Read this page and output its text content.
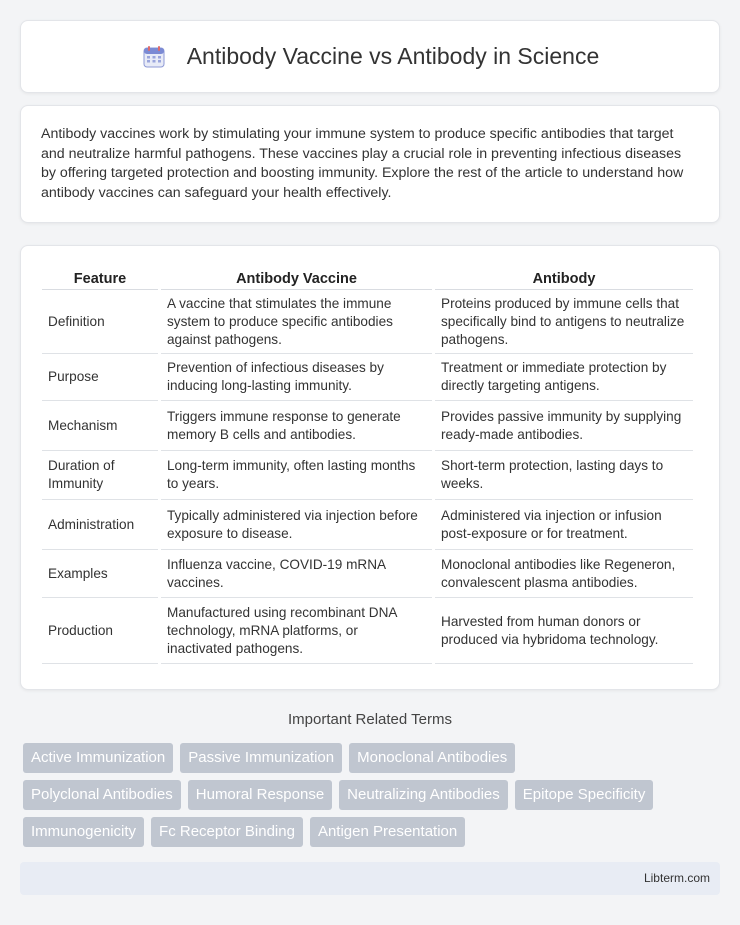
Antibody Vaccine vs Antibody in Science

Antibody vaccines work by stimulating your immune system to produce specific antibodies that target and neutralize harmful pathogens. These vaccines play a crucial role in preventing infectious diseases by offering targeted protection and boosting immunity. Explore the rest of the article to understand how antibody vaccines can safeguard your health effectively.

Feature	Antibody Vaccine	Antibody
Definition	A vaccine that stimulates the immune system to produce specific antibodies against pathogens.	Proteins produced by immune cells that specifically bind to antigens to neutralize pathogens.
Purpose	Prevention of infectious diseases by inducing long-lasting immunity.	Treatment or immediate protection by directly targeting antigens.
Mechanism	Triggers immune response to generate memory B cells and antibodies.	Provides passive immunity by supplying ready-made antibodies.
Duration of Immunity	Long-term immunity, often lasting months to years.	Short-term protection, lasting days to weeks.
Administration	Typically administered via injection before exposure to disease.	Administered via injection or infusion post-exposure or for treatment.
Examples	Influenza vaccine, COVID-19 mRNA vaccines.	Monoclonal antibodies like Regeneron, convalescent plasma antibodies.
Production	Manufactured using recombinant DNA technology, mRNA platforms, or inactivated pathogens.	Harvested from human donors or produced via hybridoma technology.
Important Related Terms
Active Immunization	Passive Immunization	Monoclonal Antibodies
Polyclonal Antibodies	Humoral Response	Neutralizing Antibodies	Epitope Specificity
Immunogenicity	Fc Receptor Binding	Antigen Presentation
Libterm.com
